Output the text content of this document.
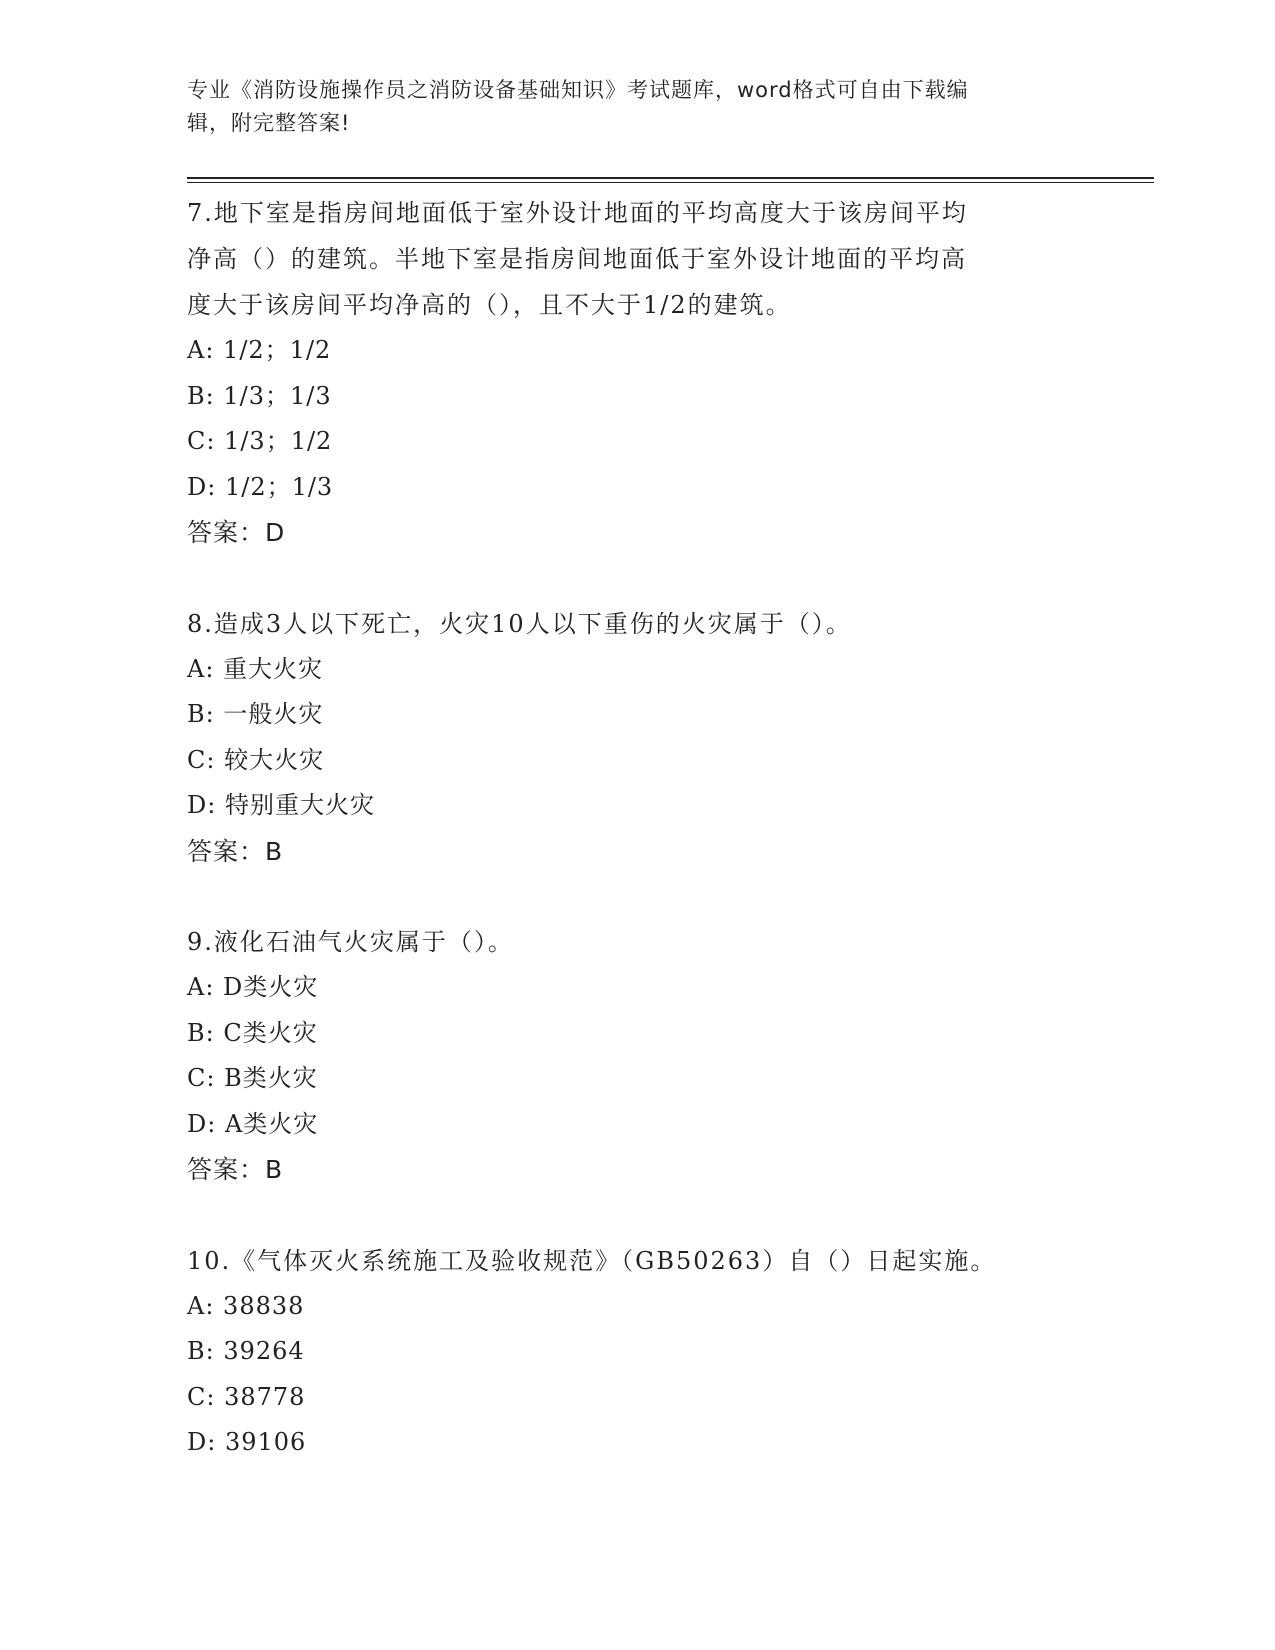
专业《消防设施操作员之消防设备基础知识》考试题库，word格式可自由下载编
辑，附完整答案!
7.地下室是指房间地面低于室外设计地面的平均高度大于该房间平均
净高（）的建筑。半地下室是指房间地面低于室外设计地面的平均高
度大于该房间平均净高的（），且不大于1/2的建筑。
A: 1/2；1/2
B: 1/3；1/3
C: 1/3；1/2
D: 1/2；1/3
答案：D
8.造成3人以下死亡，火灾10人以下重伤的火灾属于（）。
A: 重大火灾
B: 一般火灾
C: 较大火灾
D: 特别重大火灾
答案：B
9.液化石油气火灾属于（）。
A: D类火灾
B: C类火灾
C: B类火灾
D: A类火灾
答案：B
10.《气体灭火系统施工及验收规范》（GB50263）自（）日起实施。
A: 38838
B: 39264
C: 38778
D: 39106
